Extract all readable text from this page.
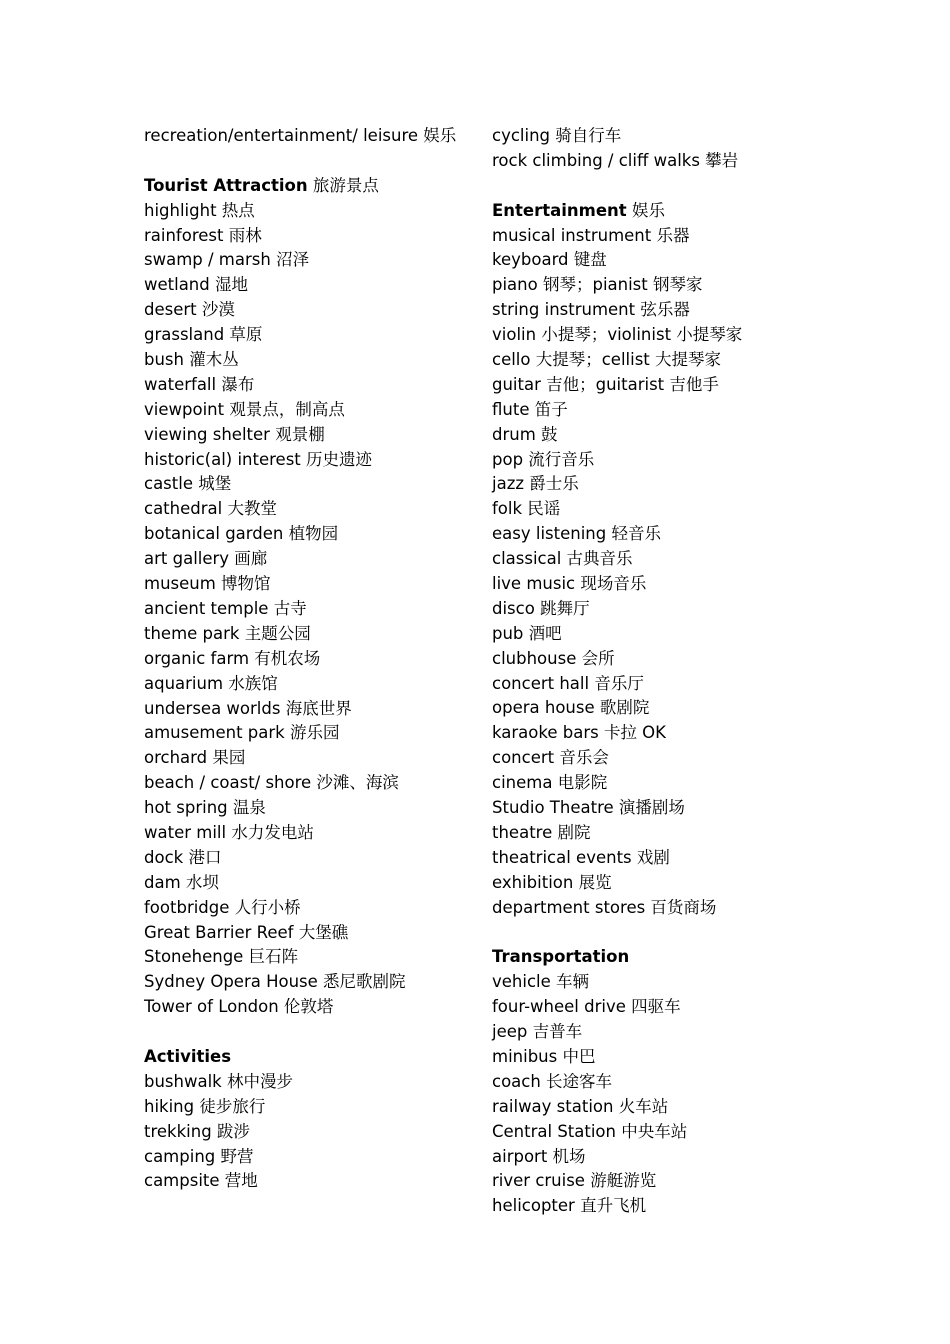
recreation/entertainment/ leisure 娱乐
Tourist Attraction 旅游景点
highlight 热点
rainforest 雨林
swamp / marsh 沼泽
wetland 湿地
desert 沙漠
grassland 草原
bush 灌木丛
waterfall 瀑布
viewpoint 观景点，制高点
viewing shelter 观景棚
historic(al) interest 历史遗迹
castle 城堡
cathedral 大教堂
botanical garden 植物园
art gallery 画廊
museum 博物馆
ancient temple 古寺
theme park 主题公园
organic farm 有机农场
aquarium 水族馆
undersea worlds 海底世界
amusement park 游乐园
orchard 果园
beach / coast/ shore 沙滩、海滨
hot spring 温泉
water mill 水力发电站
dock 港口
dam 水坝
footbridge 人行小桥
Great Barrier Reef 大堡礁
Stonehenge 巨石阵
Sydney Opera House 悉尼歌剧院
Tower of London 伦敦塔
Activities
bushwalk 林中漫步
hiking 徒步旅行
trekking 跋涉
camping 野营
campsite 营地
cycling 骑自行车
rock climbing / cliff walks 攀岩
Entertainment 娱乐
musical instrument 乐器
keyboard 键盘
piano 钢琴；pianist 钢琴家
string instrument 弦乐器
violin 小提琴；violinist 小提琴家
cello 大提琴；cellist 大提琴家
guitar 吉他；guitarist 吉他手
flute 笛子
drum 鼓
pop 流行音乐
jazz 爵士乐
folk 民谣
easy listening 轻音乐
classical 古典音乐
live music 现场音乐
disco 跳舞厅
pub 酒吧
clubhouse 会所
concert hall 音乐厅
opera house 歌剧院
karaoke bars 卡拉 OK
concert 音乐会
cinema 电影院
Studio Theatre 演播剧场
theatre 剧院
theatrical events 戏剧
exhibition 展览
department stores 百货商场
Transportation
vehicle 车辆
four-wheel drive 四驱车
jeep 吉普车
minibus 中巴
coach 长途客车
railway station 火车站
Central Station 中央车站
airport 机场
river cruise 游艇游览
helicopter 直升飞机
